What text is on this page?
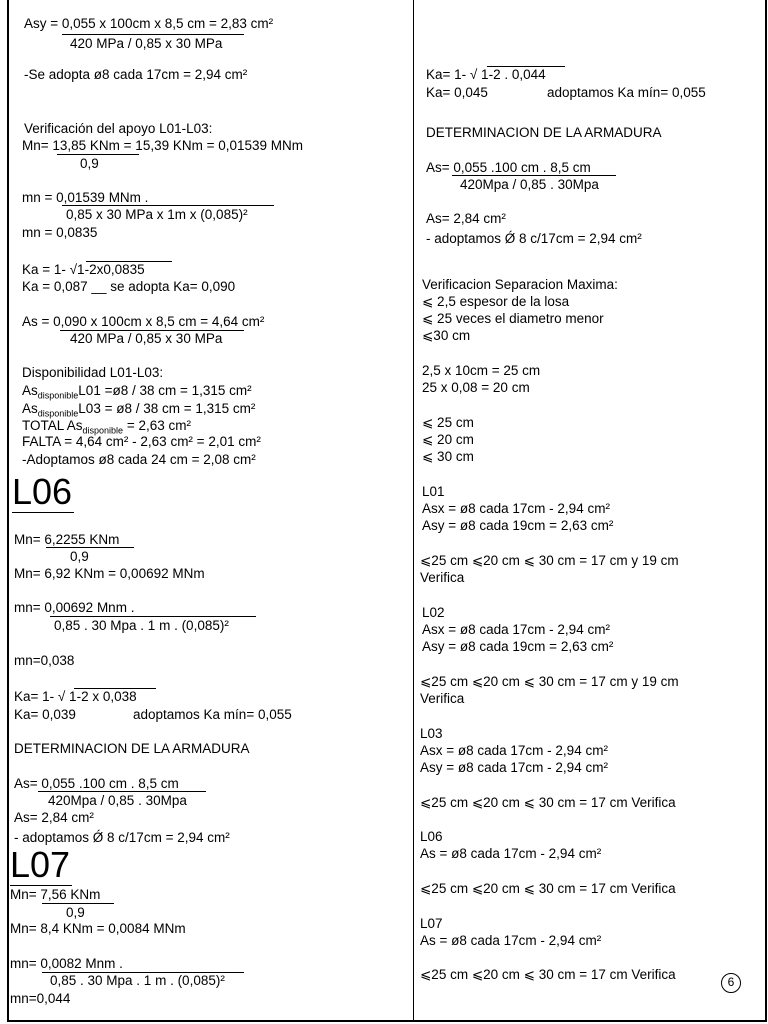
Asy = 0,055 x 100cm x 8,5 cm = 2,83 cm²
420 MPa / 0,85 x 30 MPa
-Se adopta ø8 cada 17cm = 2,94 cm²
Verificación del apoyo L01-L03:
Mn= 13,85 KNm = 15,39 KNm = 0,01539 MNm
0,9
mn = 0,01539 MNm .
0,85 x 30 MPa x 1m x (0,085)²
mn = 0,0835
Ka = 1- √1-2x0,0835
Ka = 0,087 __ se adopta Ka= 0,090
As = 0,090 x 100cm x 8,5 cm = 4,64 cm²
420 MPa / 0,85 x 30 MPa
Disponibilidad L01-L03:
$As_{disponible}L01$ =ø8 / 38 cm = 1,315 cm²
$As_{disponible}L03$ = ø8 / 38 cm = 1,315 cm²
TOTAL $As_{disponible} = 2,63$ cm²
FALTA = 4,64 cm² - 2,63 cm² = 2,01 cm²
-Adoptamos ø8 cada 24 cm = 2,08 cm²
L06
Mn= 6,2255 KNm
0,9
Mn= 6,92 KNm = 0,00692 MNm
mn= 0,00692 Mnm .
0,85 . 30 Mpa . 1 m . (0,085)²
mn=0,038
Ka= 1- √ 1-2 x 0,038
Ka= 0,039	adoptamos Ka mín= 0,055
DETERMINACION DE LA ARMADURA
As= 0,055 .100 cm . 8,5 cm
420Mpa / 0,85 . 30Mpa
As= 2,84 cm²
- adoptamos Ǿ 8 c/17cm = 2,94 cm²
L07
Mn= 7,56 KNm
0,9
Mn= 8,4 KNm = 0,0084 MNm
mn= 0,0082 Mnm .
0,85 . 30 Mpa . 1 m . (0,085)²
mn=0,044
Ka= 1- √ 1-2 . 0,044
Ka= 0,045	adoptamos Ka mín= 0,055
DETERMINACION DE LA ARMADURA
As= 0,055 .100 cm . 8,5 cm
420Mpa / 0,85 . 30Mpa
As= 2,84 cm²
- adoptamos Ǿ 8 c/17cm = 2,94 cm²
Verificacion Separacion Maxima:
⩽ 2,5 espesor de la losa
⩽ 25 veces el diametro menor
⩽30 cm
2,5 x 10cm = 25 cm
25 x 0,08 = 20 cm
⩽ 25 cm
⩽ 20 cm
⩽ 30 cm
L01
Asx = ø8 cada 17cm - 2,94 cm²
Asy = ø8 cada 19cm = 2,63 cm²
⩽25 cm ⩽20 cm ⩽ 30 cm = 17 cm y 19 cm
Verifica
L02
Asx = ø8 cada 17cm - 2,94 cm²
Asy = ø8 cada 19cm = 2,63 cm²
⩽25 cm ⩽20 cm ⩽ 30 cm = 17 cm y 19 cm
Verifica
L03
Asx = ø8 cada 17cm - 2,94 cm²
Asy = ø8 cada 17cm - 2,94 cm²
⩽25 cm ⩽20 cm ⩽ 30 cm = 17 cm Verifica
L06
As = ø8 cada 17cm - 2,94 cm²
⩽25 cm ⩽20 cm ⩽ 30 cm = 17 cm Verifica
L07
As = ø8 cada 17cm - 2,94 cm²
⩽25 cm ⩽20 cm ⩽ 30 cm = 17 cm Verifica	6
